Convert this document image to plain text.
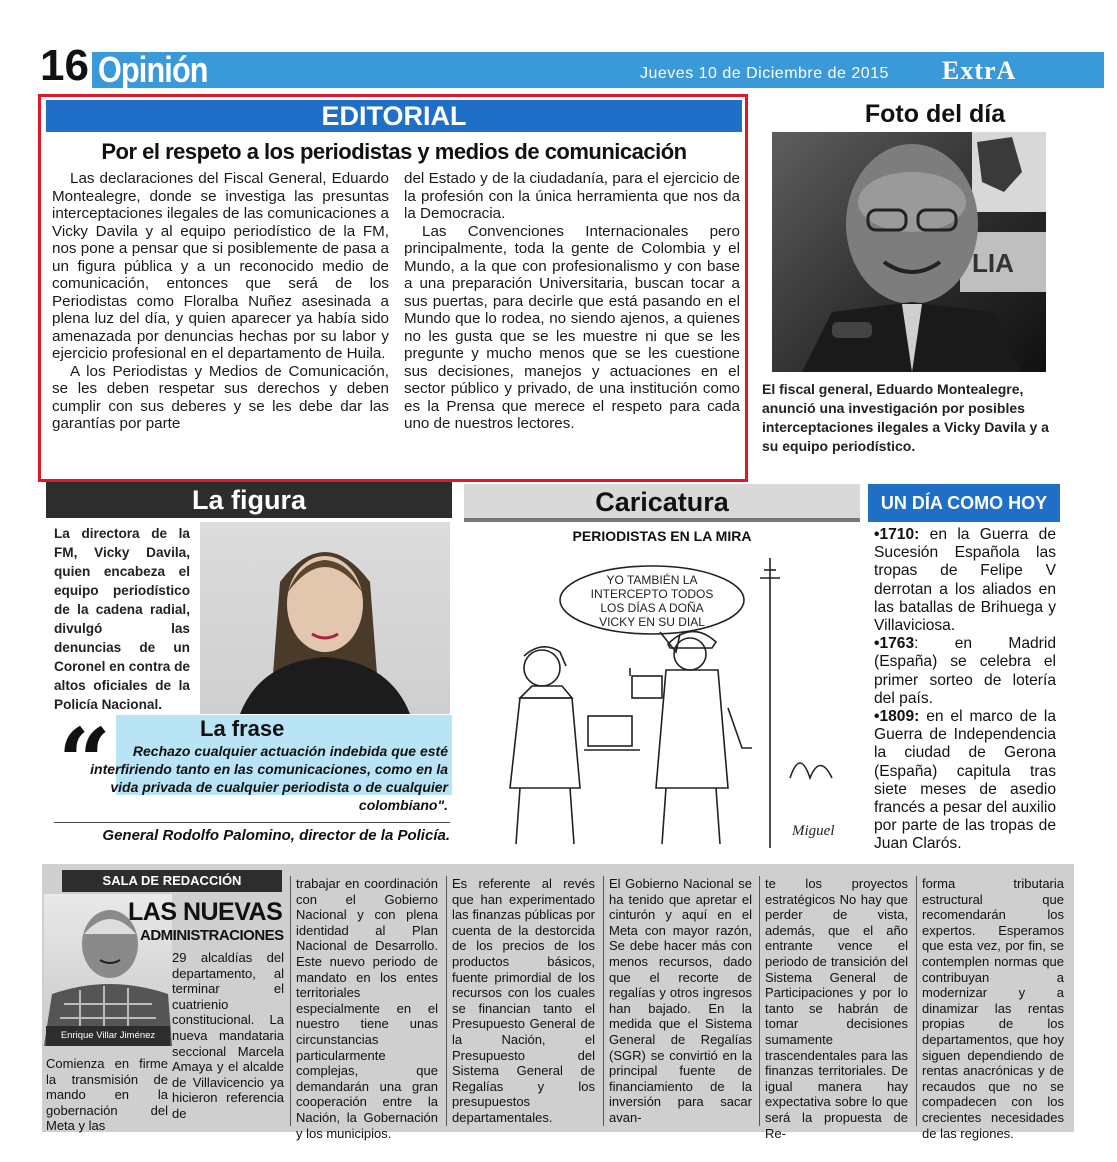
16 Opinión	Jueves 10 de Diciembre de 2015 ExtrA
EDITORIAL
Por el respeto a los periodistas y medios de comunicación

Las declaraciones del Fiscal General, Eduardo Montealegre, donde se investiga las presuntas interceptaciones ilegales de las comunicaciones a Vicky Davila y al equipo periodístico de la FM, nos pone a pensar que si posiblemente de pasa a un figura pública y a un reconocido medio de comunicación, entonces que será de los Periodistas como Floralba Nuñez asesinada a plena luz del día, y quien aparecer ya había sido amenazada por denuncias hechas por su labor y ejercicio profesional en el departamento de Huila.

A los Periodistas y Medios de Comunicación, se les deben respetar sus derechos y deben cumplir con sus deberes y se les debe dar las garantías por parte

del Estado y de la ciudadanía, para el ejercicio de la profesión con la única herramienta que nos da la Democracia.

Las Convenciones Internacionales pero principalmente, toda la gente de Colombia y el Mundo, a la que con profesionalismo y con base a una preparación Universitaria, buscan tocar a sus puertas, para decirle que está pasando en el Mundo que lo rodea, no siendo ajenos, a quienes no les gusta que se les muestre ni que se les pregunte y mucho menos que se les cuestione sus decisiones, manejos y actuaciones en el sector público y privado, de una institución como es la Prensa que merece el respeto para cada uno de nuestros lectores.

Foto del día
LIA
El fiscal general, Eduardo Montealegre, anunció una investigación por posibles interceptaciones ilegales a Vicky Davila y a su equipo periodístico.
La figura
La directora de la FM, Vicky Davila, quien encabeza el equipo periodístico de la cadena radial, divulgó las denuncias de un Coronel en contra de altos oficiales de la Policía Nacional.
La frase
“	Rechazo cualquier actuación indebida que esté interfiriendo tanto en las comunicaciones, como en la vida privada de cualquier periodista o de cualquier colombiano".
General Rodolfo Palomino, director de la Policía.
Caricatura
PERIODISTAS EN LA MIRA
YO TAMBIÉN LA
INTERCEPTO TODOS
LOS DÍAS A DOÑA
VICKY EN SU DIAL
Miguel
UN DÍA COMO HOY
•1710: en la Guerra de Sucesión Española las tropas de Felipe V derrotan a los aliados en las batallas de Brihuega y Villaviciosa.
•1763: en Madrid (España) se celebra el primer sorteo de lotería del país.
•1809: en el marco de la Guerra de Independencia la ciudad de Gerona (España) capitula tras siete meses de asedio francés a pesar del auxilio por parte de las tropas de Juan Clarós.
SALA DE REDACCIÓN
Enrique Villar Jiménez
LAS NUEVAS
ADMINISTRACIONES
29 alcaldías del departamento, al terminar el cuatrienio constitucional. La nueva mandataria seccional Marcela Amaya y el alcalde de Villavicencio ya hicieron referencia de
Comienza en firme la transmisión de mando en la gobernación del Meta y las
trabajar en coordinación con el Gobierno Nacional y con plena identidad al Plan Nacional de Desarrollo. Este nuevo periodo de mandato en los entes territoriales especialmente en el nuestro tiene unas circunstancias particularmente complejas, que demandarán una gran cooperación entre la Nación, la Gobernación y los municipios.
Es referente al revés que han experimentado las finanzas públicas por cuenta de la destorcida de los precios de los productos básicos, fuente primordial de los recursos con los cuales se financian tanto el Presupuesto General de la Nación, el Presupuesto del Sistema General de Regalías y los presupuestos departamentales.
El Gobierno Nacional se ha tenido que apretar el cinturón y aquí en el Meta con mayor razón, Se debe hacer más con menos recursos, dado que el recorte de regalías y otros ingresos han bajado. En la medida que el Sistema General de Regalías (SGR) se convirtió en la principal fuente de financiamiento de la inversión para sacar avan-
te los proyectos estratégicos No hay que perder de vista, además, que el año entrante vence el periodo de transición del Sistema General de Participaciones y por lo tanto se habrán de tomar decisiones sumamente trascendentales para las finanzas territoriales. De igual manera hay expectativa sobre lo que será la propuesta de Re-
forma tributaria estructural que recomendarán los expertos. Esperamos que esta vez, por fin, se contemplen normas que contribuyan a modernizar y a dinamizar las rentas propias de los departamentos, que hoy siguen dependiendo de rentas anacrónicas y de recaudos que no se compadecen con los crecientes necesidades de las regiones.
